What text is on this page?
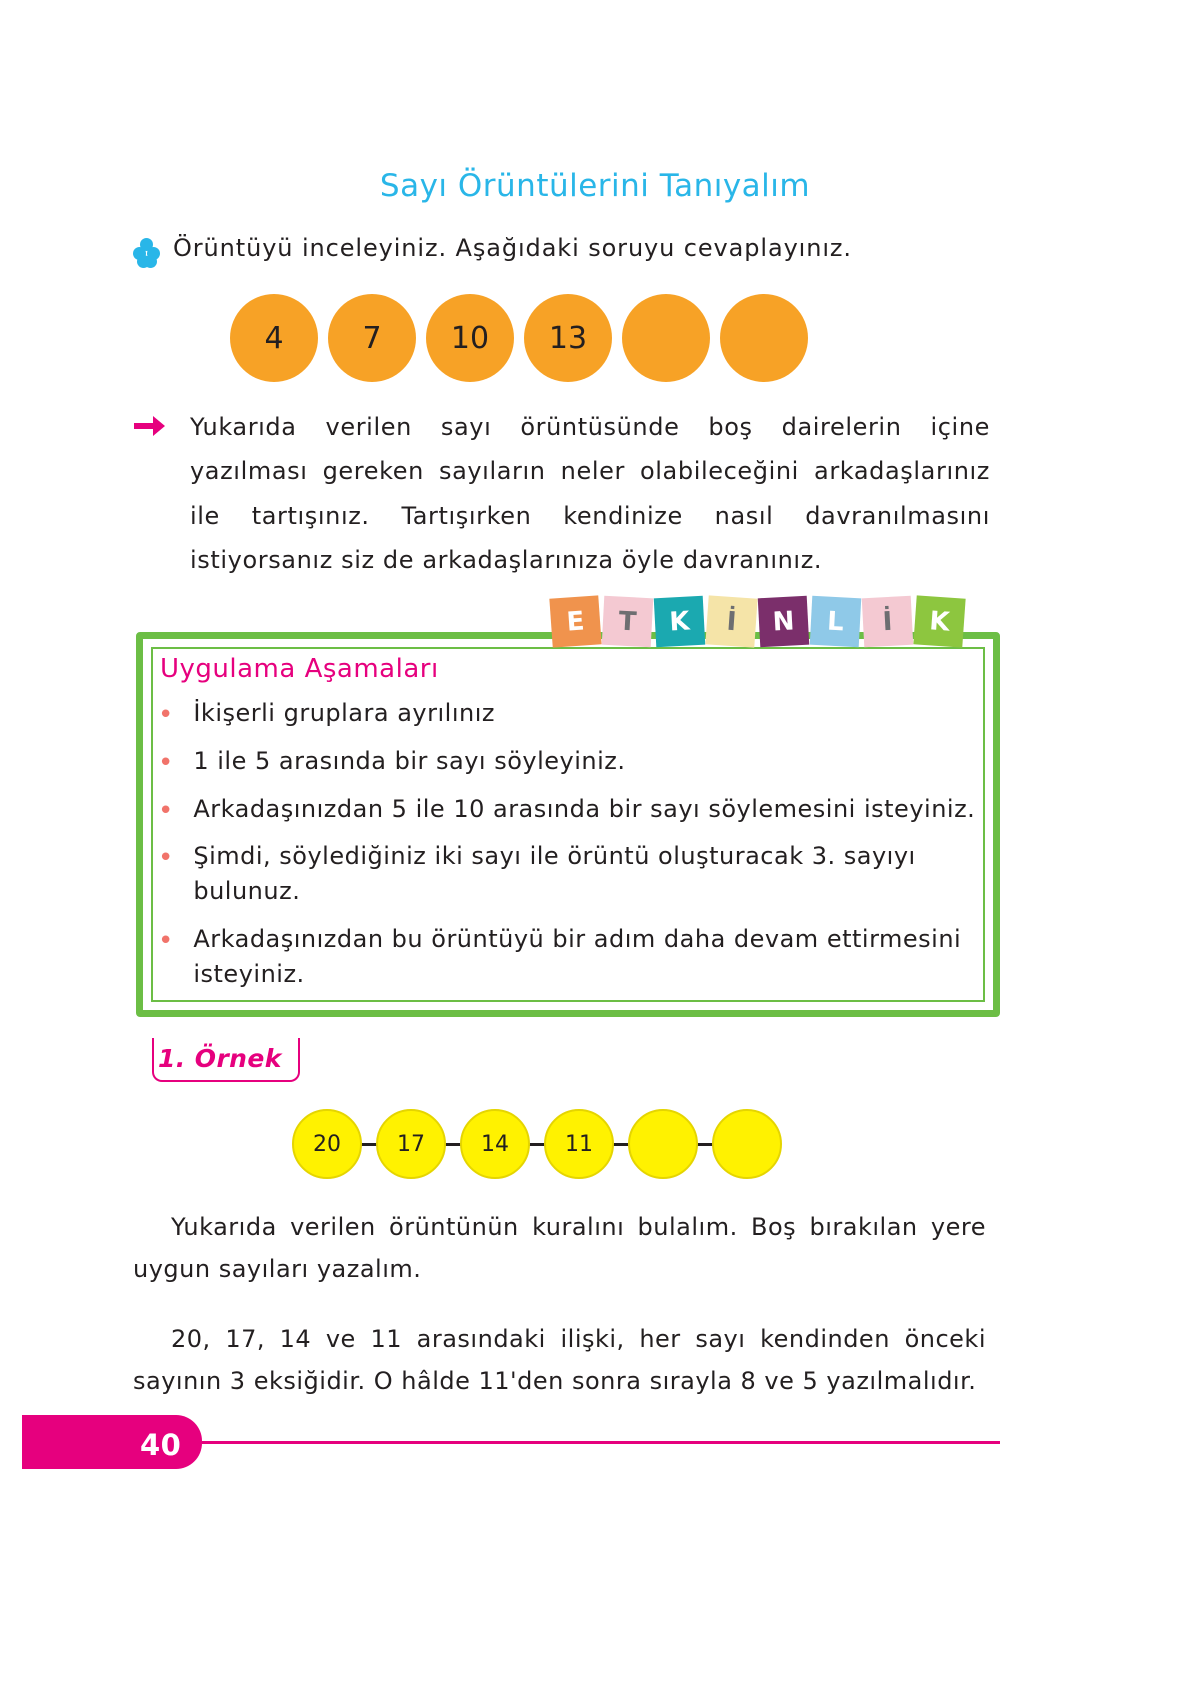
Sayı Örüntülerini Tanıyalım
Örüntüyü inceleyiniz. Aşağıdaki soruyu cevaplayınız.
4	7	10	13
Yukarıda verilen sayı örüntüsünde boş dairelerin içine yazılması gereken sayıların neler olabileceğini arkadaşlarınız ile tartışınız. Tartışırken kendinize nasıl davranılmasını istiyorsanız siz de arkadaşlarınıza öyle davranınız.
E	T	K	İ	N	L	İ	K
Uygulama Aşamaları
• İkişerli gruplara ayrılınız
• 1 ile 5 arasında bir sayı söyleyiniz.
• Arkadaşınızdan 5 ile 10 arasında bir sayı söylemesini isteyiniz.
• Şimdi, söylediğiniz iki sayı ile örüntü oluşturacak 3. sayıyı bulunuz.
• Arkadaşınızdan bu örüntüyü bir adım daha devam ettirmesini isteyiniz.
1. Örnek
20	17	14	11
Yukarıda verilen örüntünün kuralını bulalım. Boş bırakılan yere uygun sayıları yazalım.
20, 17, 14 ve 11 arasındaki ilişki, her sayı kendinden önceki sayının 3 eksiğidir. O hâlde 11'den sonra sırayla 8 ve 5 yazılmalıdır.
40
